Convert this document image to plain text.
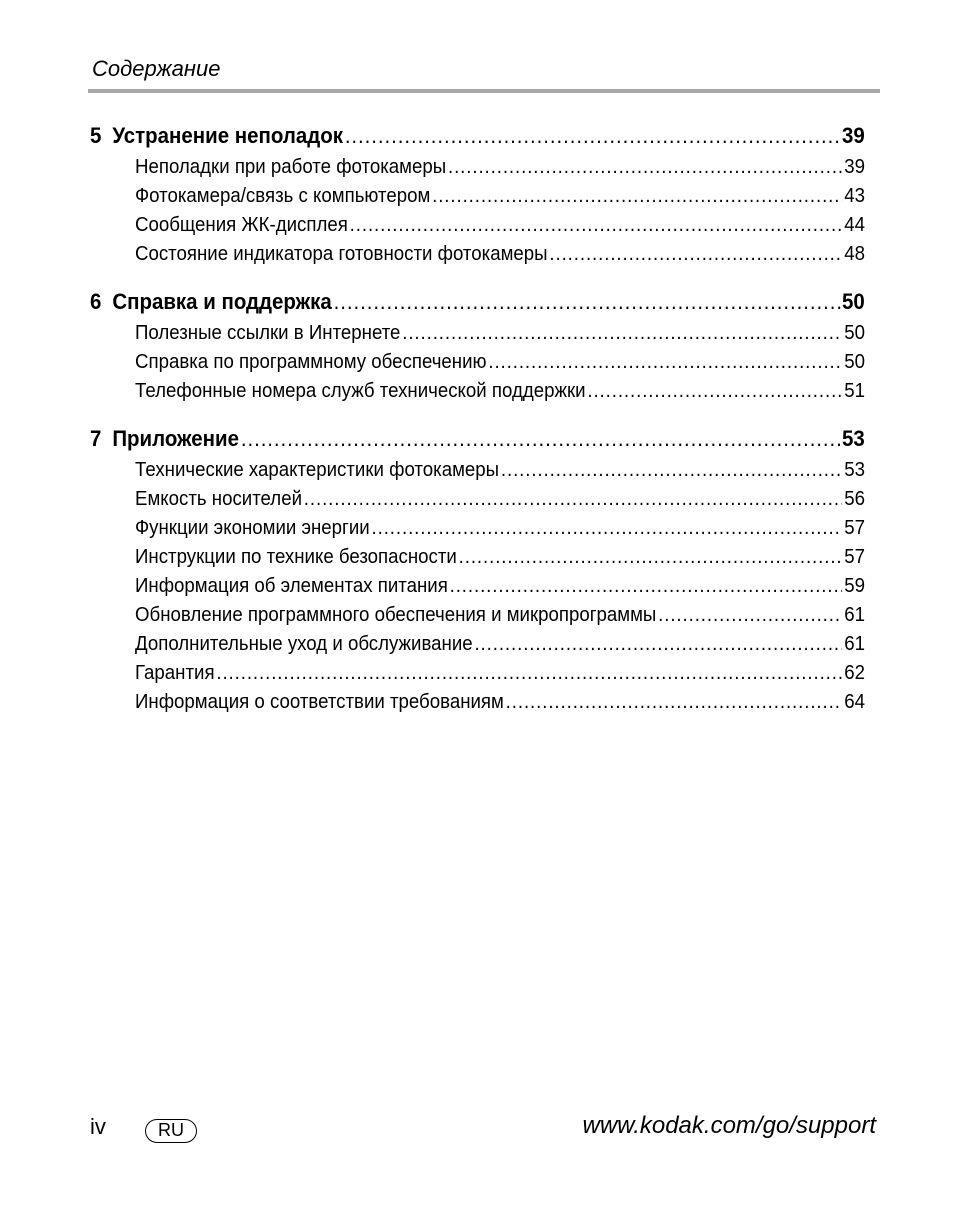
Содержание
5 Устранение неполадок .....	39
Неполадки при работе фотокамеры .....	39
Фотокамера/связь с компьютером .....	43
Сообщения ЖК-дисплея .....	44
Состояние индикатора готовности фотокамеры .....	48
6 Справка и поддержка .....	50
Полезные ссылки в Интернете .....	50
Справка по программному обеспечению .....	50
Телефонные номера служб технической поддержки .....	51
7 Приложение .....	53
Технические характеристики фотокамеры .....	53
Емкость носителей .....	56
Функции экономии энергии .....	57
Инструкции по технике безопасности .....	57
Информация об элементах питания .....	59
Обновление программного обеспечения и микропрограммы .....	61
Дополнительные уход и обслуживание .....	61
Гарантия .....	62
Информация о соответствии требованиям .....	64
iv	RU	www.kodak.com/go/support
